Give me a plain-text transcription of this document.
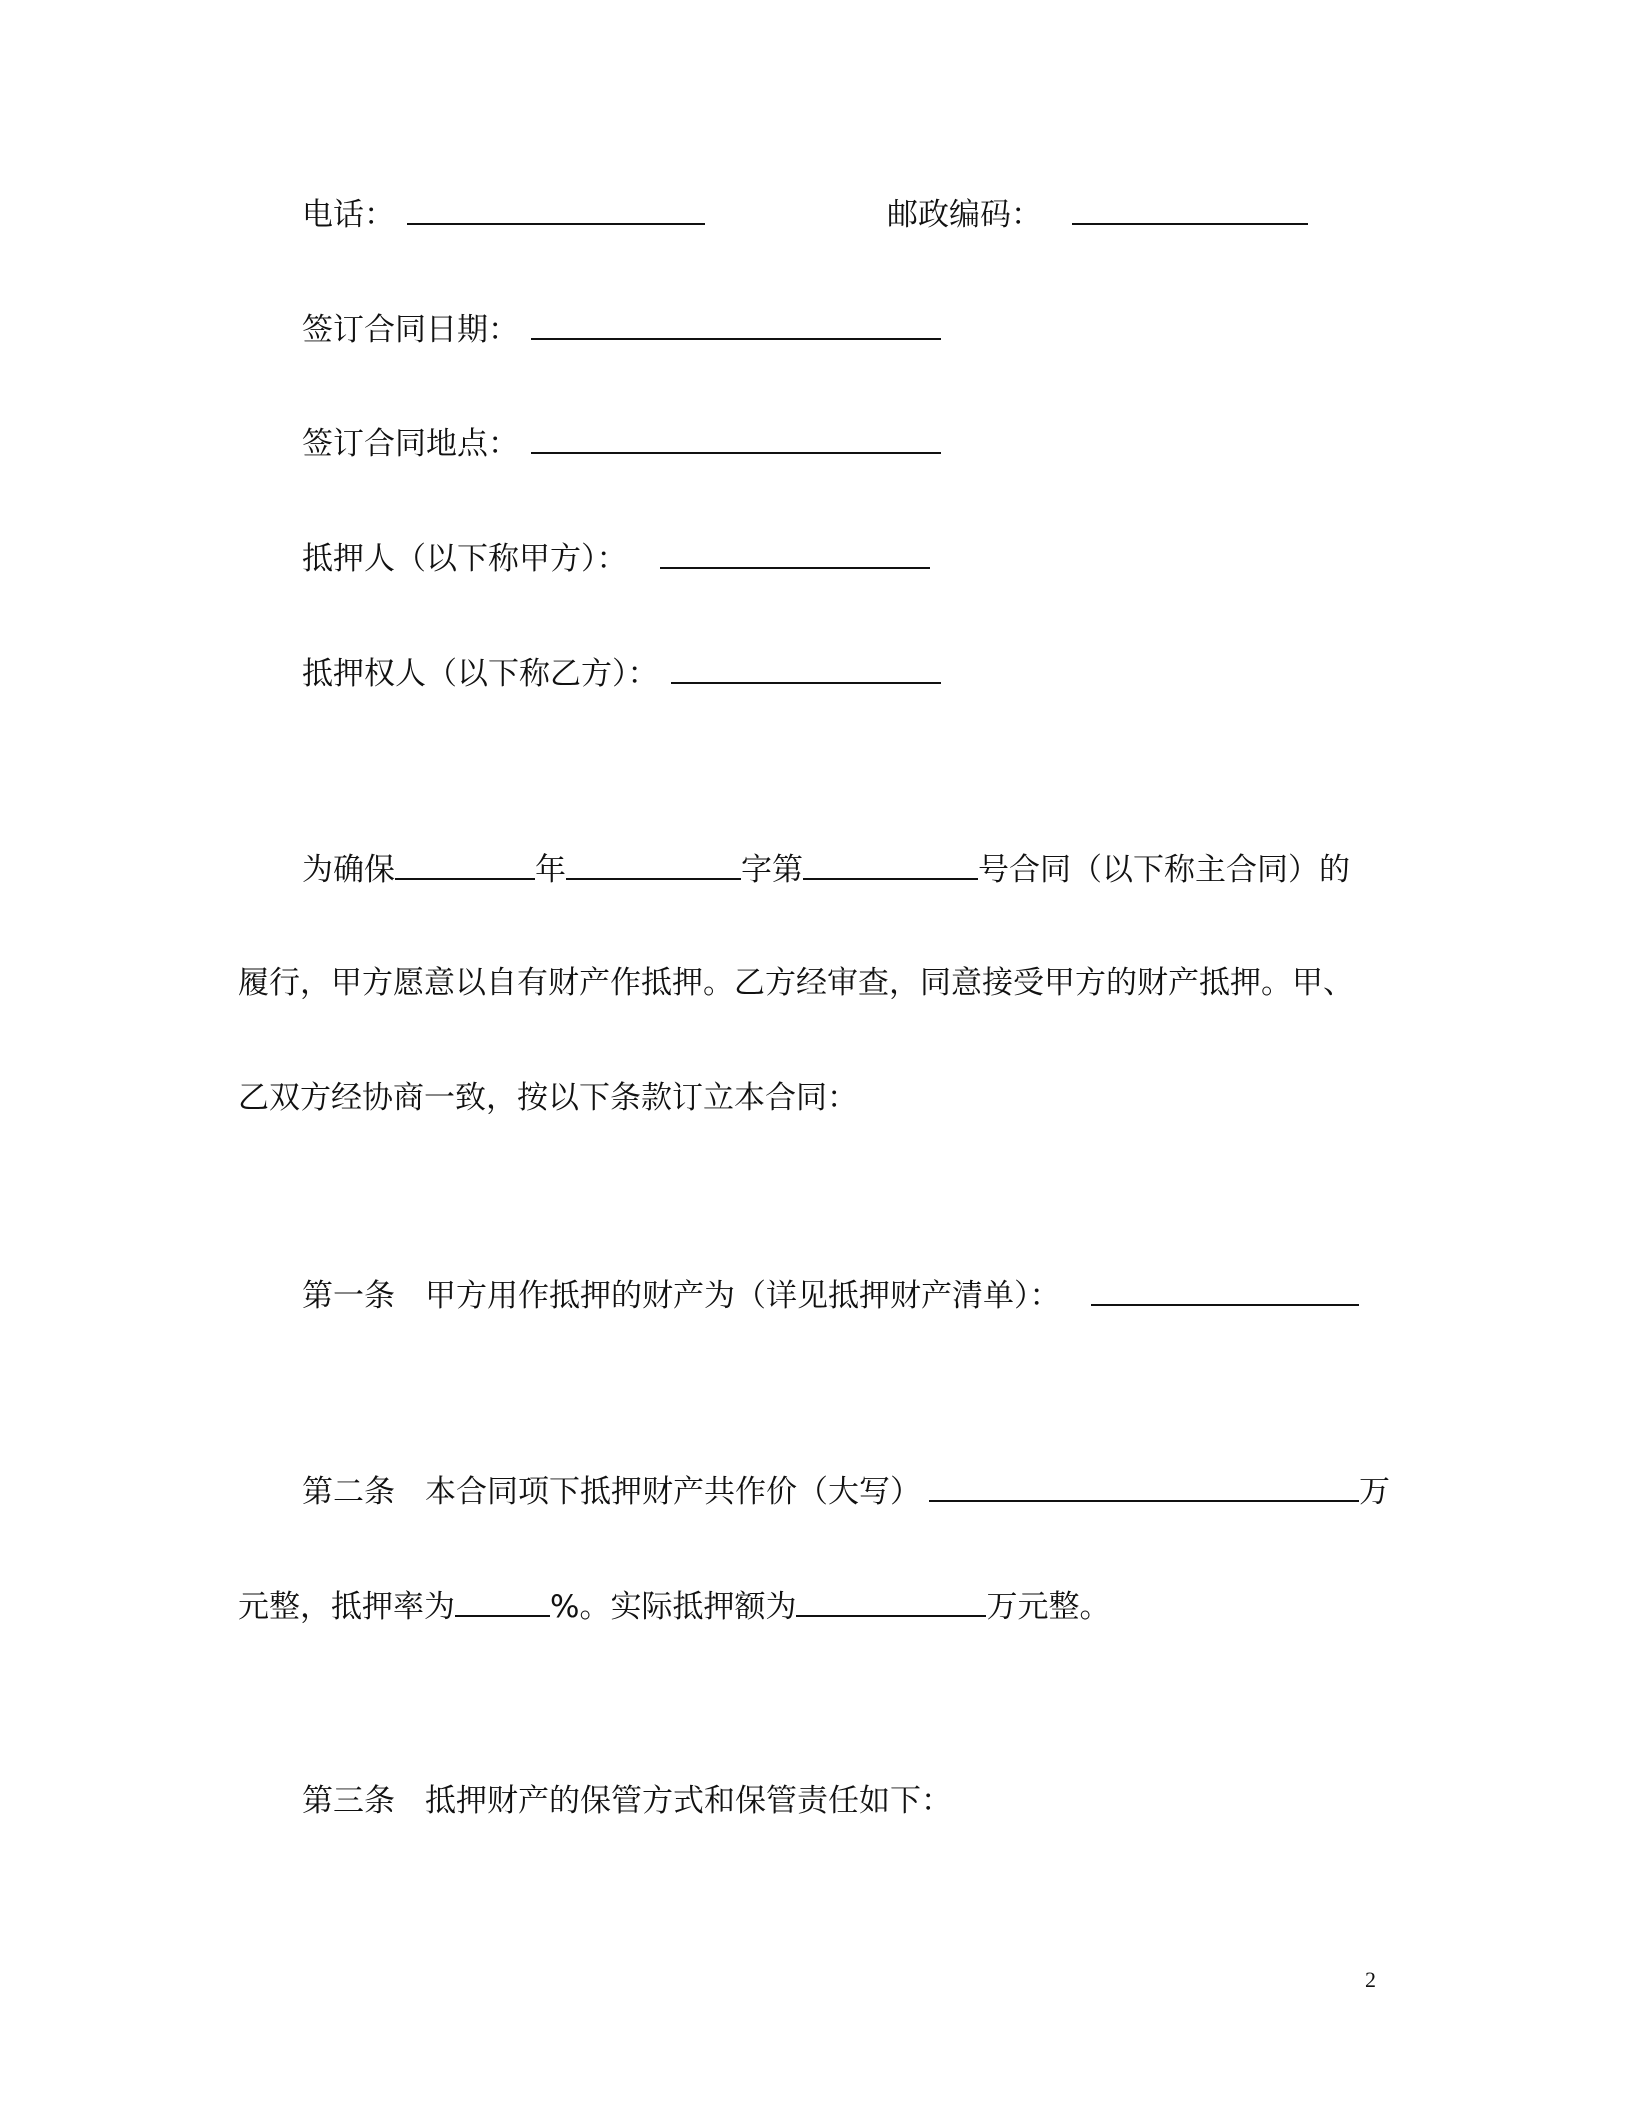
电话：	邮政编码：
签订合同日期：
签订合同地点：
抵押人（以下称甲方）：
抵押权人（以下称乙方）：
为确保	年	字第	号合同（以下称主合同）的
履行，甲方愿意以自有财产作抵押。乙方经审查，同意接受甲方的财产抵押。甲、
乙双方经协商一致，按以下条款订立本合同：
第一条 甲方用作抵押的财产为（详见抵押财产清单）：
第二条 本合同项下抵押财产共作价（大写）	万
元整，抵押率为	%。实际抵押额为	万元整。
第三条 抵押财产的保管方式和保管责任如下：
2
